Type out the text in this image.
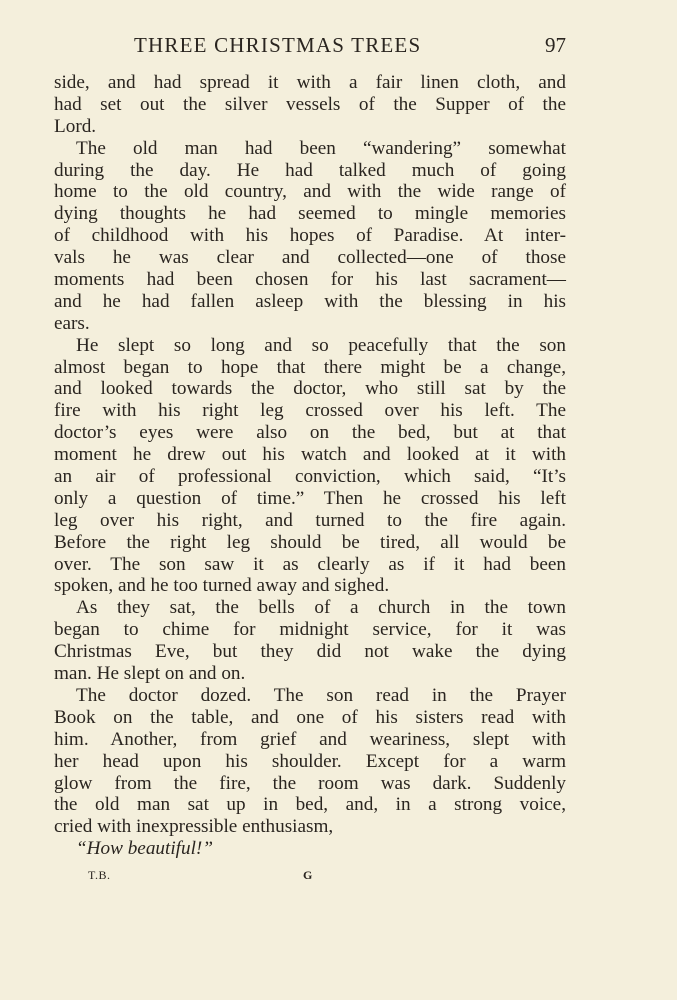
THREE CHRISTMAS TREES	97
side, and had spread it with a fair linen cloth, and
had set out the silver vessels of the Supper of the
Lord.
The old man had been “wandering” somewhat
during the day. He had talked much of going
home to the old country, and with the wide range of
dying thoughts he had seemed to mingle memories
of childhood with his hopes of Paradise. At inter-
vals he was clear and collected—one of those
moments had been chosen for his last sacrament—
and he had fallen asleep with the blessing in his
ears.
He slept so long and so peacefully that the son
almost began to hope that there might be a change,
and looked towards the doctor, who still sat by the
fire with his right leg crossed over his left. The
doctor’s eyes were also on the bed, but at that
moment he drew out his watch and looked at it with
an air of professional conviction, which said, “It’s
only a question of time.” Then he crossed his left
leg over his right, and turned to the fire again.
Before the right leg should be tired, all would be
over. The son saw it as clearly as if it had been
spoken, and he too turned away and sighed.
As they sat, the bells of a church in the town
began to chime for midnight service, for it was
Christmas Eve, but they did not wake the dying
man. He slept on and on.
The doctor dozed. The son read in the Prayer
Book on the table, and one of his sisters read with
him. Another, from grief and weariness, slept with
her head upon his shoulder. Except for a warm
glow from the fire, the room was dark. Suddenly
the old man sat up in bed, and, in a strong voice,
cried with inexpressible enthusiasm,
“How beautiful!”
T.B.	G
